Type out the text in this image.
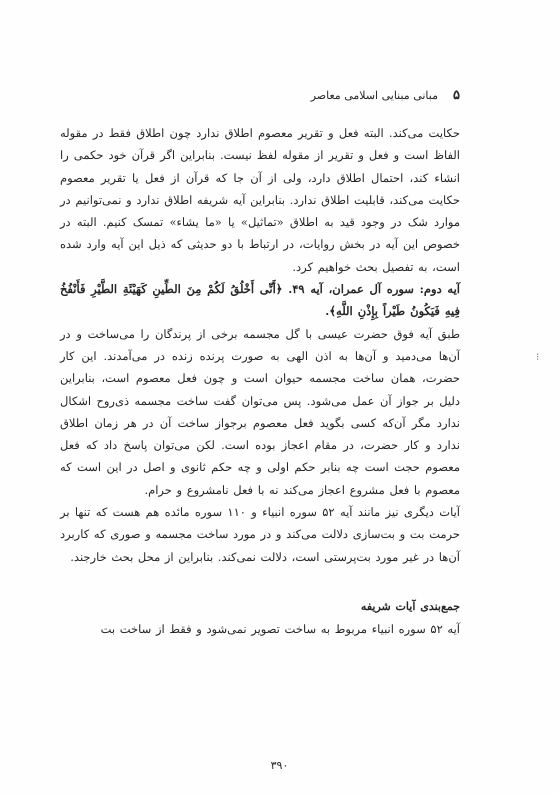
۵
مبانی مبنایی اسلامی معاصر
⁝

حکایت می‌کند. البته فعل و تقریر معصوم اطلاق ندارد چون اطلاق فقط در مقوله الفاظ است و فعل و تقریر از مقوله لفظ نیست. بنابراین اگر قرآن خود حکمی را انشاء کند، احتمال اطلاق دارد، ولی از آن جا که قرآن از فعل یا تقریر معصوم حکایت می‌کند، قابلیت اطلاق ندارد. بنابراین آیه شریفه اطلاق ندارد و نمی‌توانیم در موارد شک در وجود قید به اطلاق «تماثیل» یا «ما یشاء» تمسک کنیم. البته در خصوص این آیه در بخش روایات، در ارتباط با دو حدیثی که ذیل این آیه وارد شده است، به تفصیل بحث خواهیم کرد.

آیه دوم: سوره آل عمران، آیه ۴۹. ﴿أَنِّی أَخْلُقُ لَکُمْ مِنَ الطِّینِ کَهَیْئَةِ الطَّیْرِ فَأَنْفُخُ فِیهِ فَیَکُونُ طَیْراً بِإِذْنِ اللَّهِ﴾.

طبق آیه فوق حضرت عیسی با گل مجسمه برخی از پرندگان را می‌ساخت و در آن‌ها می‌دمید و آن‌ها به اذن الهی به صورت پرنده زنده در می‌آمدند. این کار حضرت، همان ساخت مجسمه حیوان است و چون فعل معصوم است، بنابراین دلیل بر جواز آن عمل می‌شود. پس می‌توان گفت ساخت مجسمه ذی‌روح اشکال ندارد مگر آن‌که کسی بگوید فعل معصوم برجواز ساخت آن در هر زمان اطلاق ندارد و کار حضرت، در مقام اعجاز بوده است. لکن می‌توان پاسخ داد که فعل معصوم حجت است چه بنابر حکم اولی و چه حکم ثانوی و اصل در این است که معصوم با فعل مشروع اعجاز می‌کند نه با فعل نامشروع و حرام.

آیات دیگری نیز مانند آیه ۵۲ سوره انبیاء و ۱۱۰ سوره مائده هم هست که تنها بر حرمت بت و بت‌سازی دلالت می‌کند و در مورد ساخت مجسمه و صوری که کاربرد آن‌ها در غیر مورد بت‌پرستی است، دلالت نمی‌کند. بنابراین از محل بحث خارجند.

جمع‌بندی آیات شریفه

آیه ۵۲ سوره انبیاء مربوط به ساخت تصویر نمی‌شود و فقط از ساخت بت

۳۹۰
